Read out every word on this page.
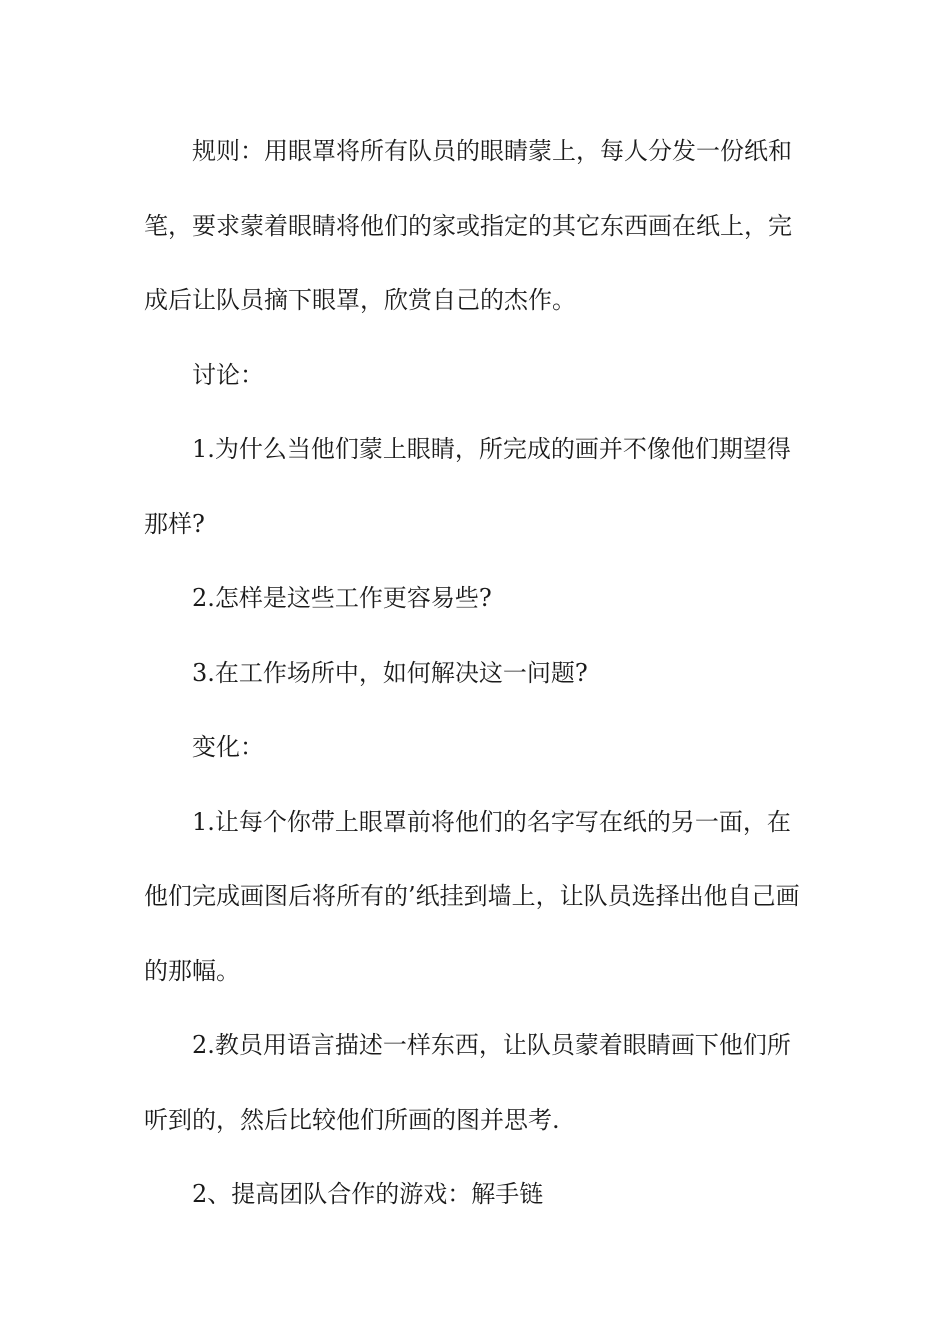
规则：用眼罩将所有队员的眼睛蒙上，每人分发一份纸和

笔，要求蒙着眼睛将他们的家或指定的其它东西画在纸上，完

成后让队员摘下眼罩，欣赏自己的杰作。

讨论：

1.为什么当他们蒙上眼睛，所完成的画并不像他们期望得

那样?

2.怎样是这些工作更容易些?

3.在工作场所中，如何解决这一问题?

变化：

1.让每个你带上眼罩前将他们的名字写在纸的另一面，在

他们完成画图后将所有的’纸挂到墙上，让队员选择出他自己画

的那幅。

2.教员用语言描述一样东西，让队员蒙着眼睛画下他们所

听到的，然后比较他们所画的图并思考.

2、提高团队合作的游戏：解手链
